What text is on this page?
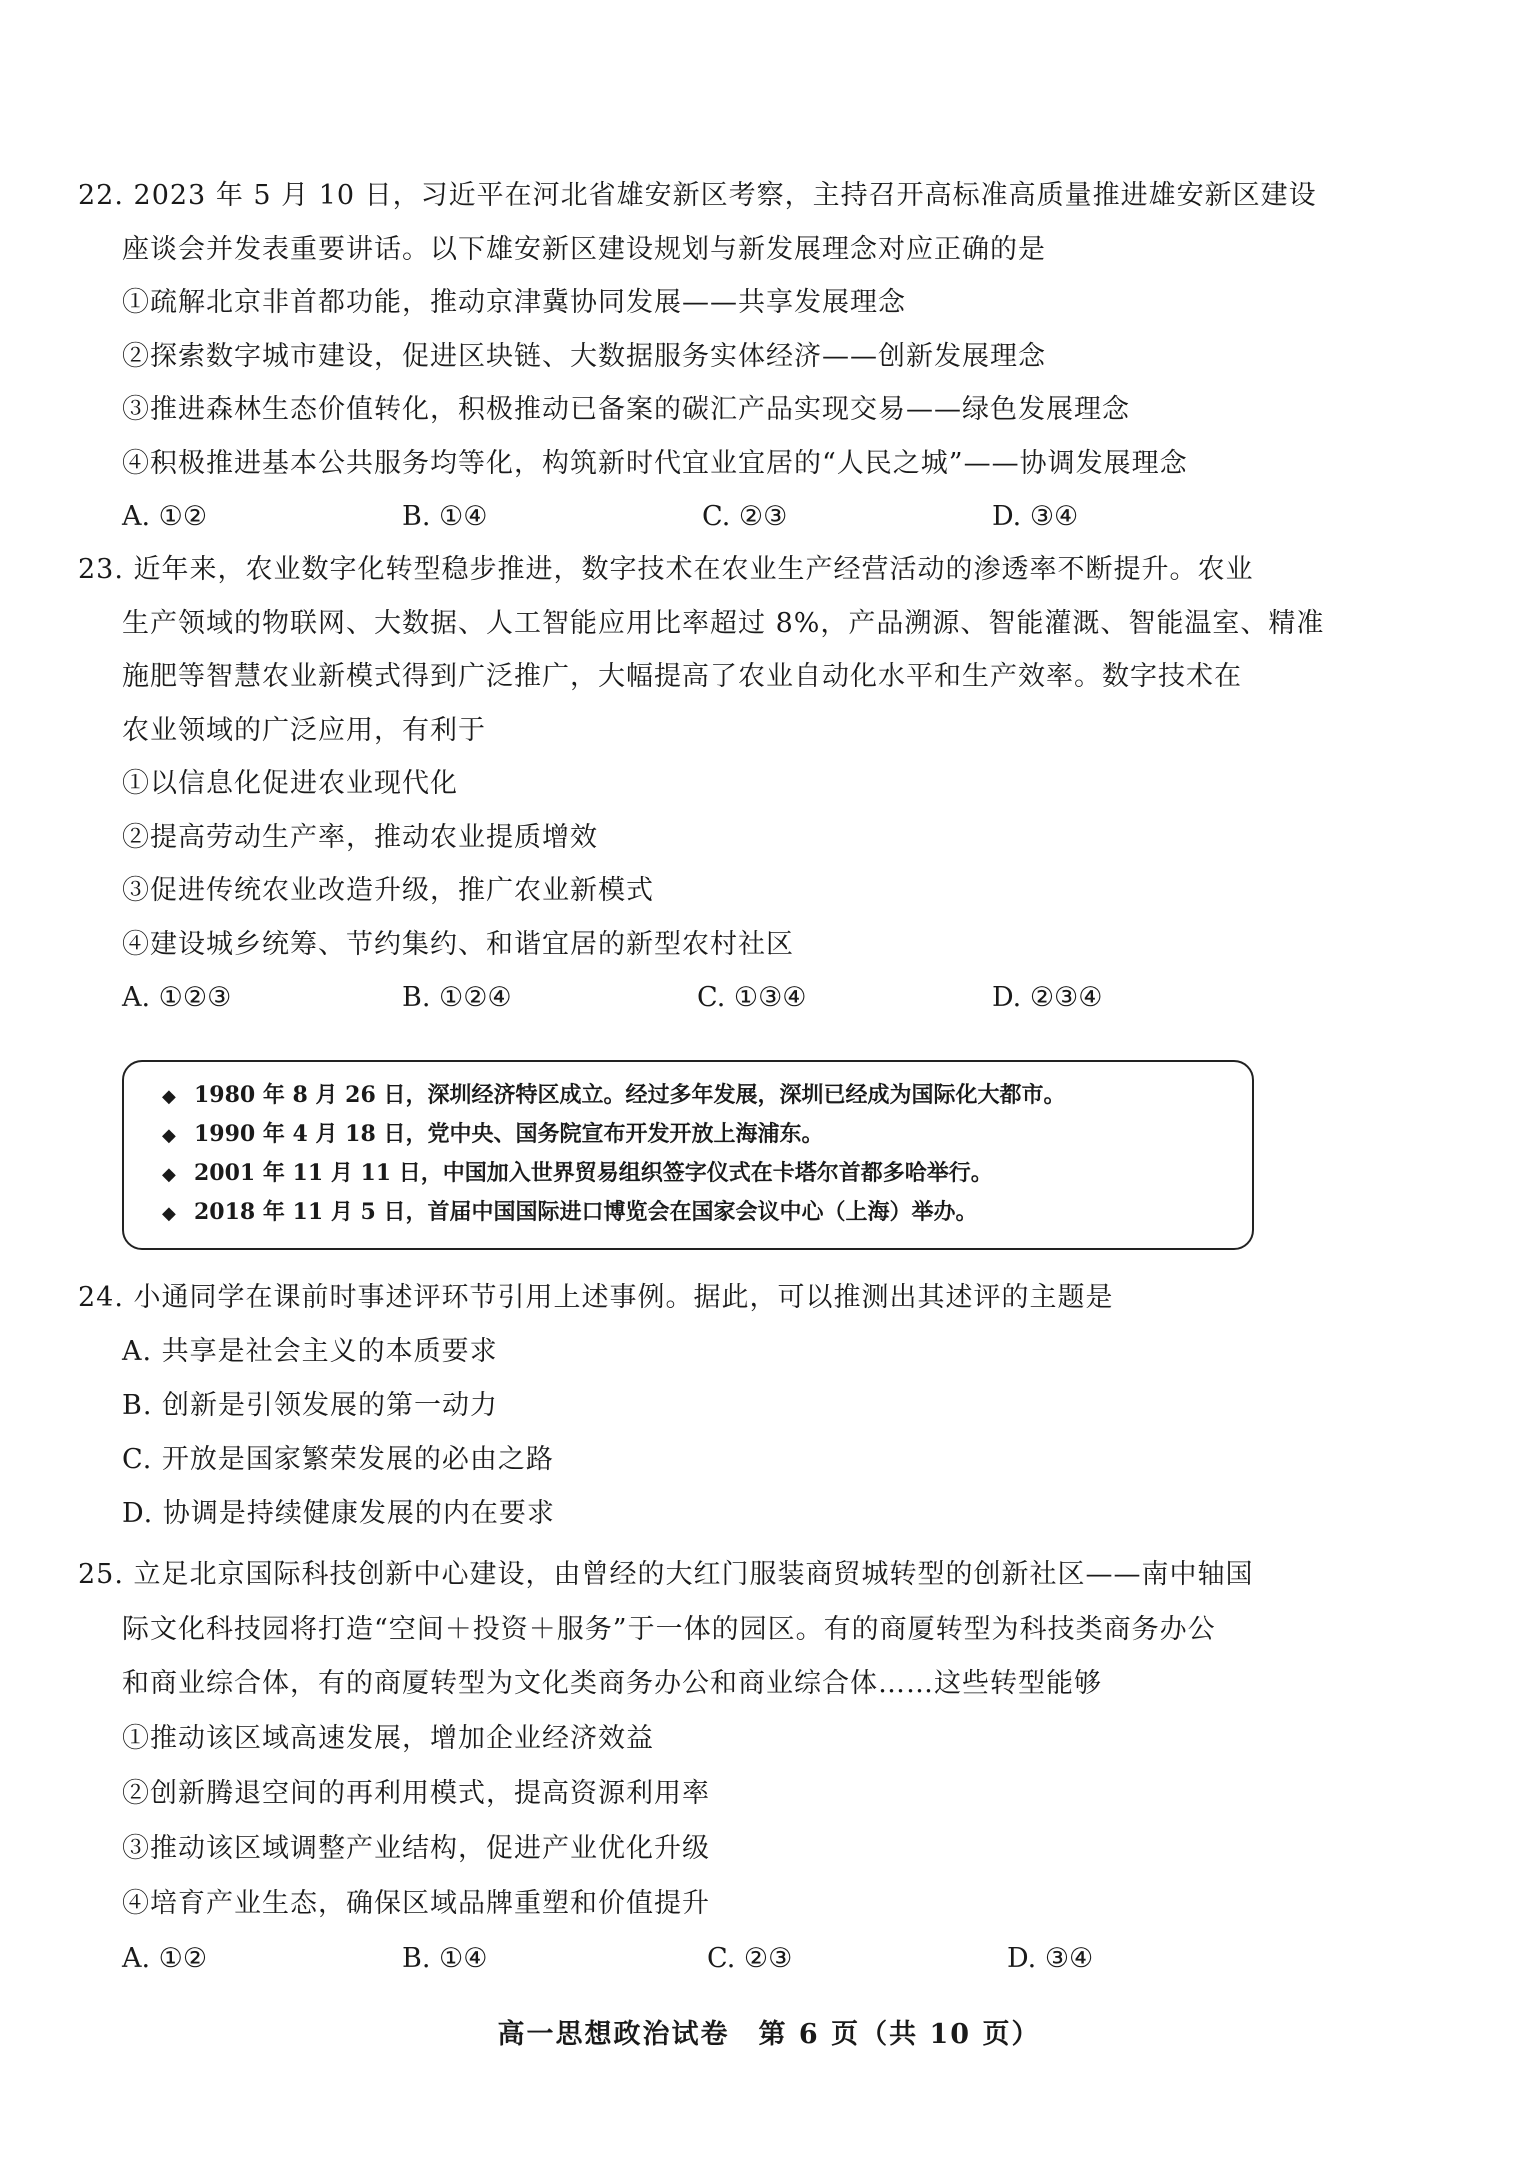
22. 2023 年 5 月 10 日，习近平在河北省雄安新区考察，主持召开高标准高质量推进雄安新区建设
座谈会并发表重要讲话。以下雄安新区建设规划与新发展理念对应正确的是
①疏解北京非首都功能，推动京津冀协同发展——共享发展理念
②探索数字城市建设，促进区块链、大数据服务实体经济——创新发展理念
③推进森林生态价值转化，积极推动已备案的碳汇产品实现交易——绿色发展理念
④积极推进基本公共服务均等化，构筑新时代宜业宜居的“人民之城”——协调发展理念
A. ①②	B. ①④	C. ②③	D. ③④
23. 近年来，农业数字化转型稳步推进，数字技术在农业生产经营活动的渗透率不断提升。农业
生产领域的物联网、大数据、人工智能应用比率超过 8%，产品溯源、智能灌溉、智能温室、精准
施肥等智慧农业新模式得到广泛推广，大幅提高了农业自动化水平和生产效率。数字技术在
农业领域的广泛应用，有利于
①以信息化促进农业现代化
②提高劳动生产率，推动农业提质增效
③促进传统农业改造升级，推广农业新模式
④建设城乡统筹、节约集约、和谐宜居的新型农村社区
A. ①②③	B. ①②④	C. ①③④	D. ②③④
◆ 1980 年 8 月 26 日，深圳经济特区成立。经过多年发展，深圳已经成为国际化大都市。
◆ 1990 年 4 月 18 日，党中央、国务院宣布开发开放上海浦东。
◆ 2001 年 11 月 11 日，中国加入世界贸易组织签字仪式在卡塔尔首都多哈举行。
◆ 2018 年 11 月 5 日，首届中国国际进口博览会在国家会议中心（上海）举办。
24. 小通同学在课前时事述评环节引用上述事例。据此，可以推测出其述评的主题是
A. 共享是社会主义的本质要求
B. 创新是引领发展的第一动力
C. 开放是国家繁荣发展的必由之路
D. 协调是持续健康发展的内在要求
25. 立足北京国际科技创新中心建设，由曾经的大红门服装商贸城转型的创新社区——南中轴国
际文化科技园将打造“空间＋投资＋服务”于一体的园区。有的商厦转型为科技类商务办公
和商业综合体，有的商厦转型为文化类商务办公和商业综合体……这些转型能够
①推动该区域高速发展，增加企业经济效益
②创新腾退空间的再利用模式，提高资源利用率
③推动该区域调整产业结构，促进产业优化升级
④培育产业生态，确保区域品牌重塑和价值提升
A. ①②	B. ①④	C. ②③	D. ③④
高一思想政治试卷　第 6 页（共 10 页）
